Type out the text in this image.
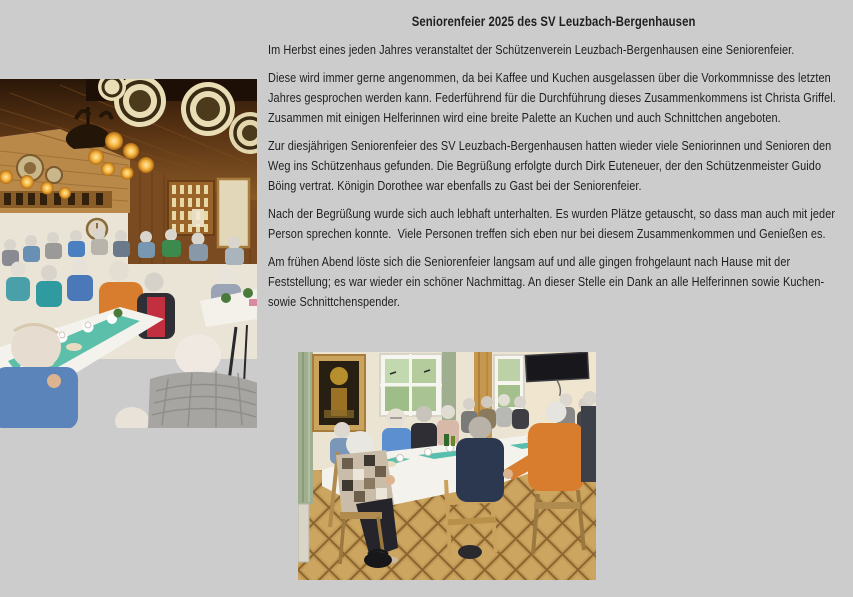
Seniorenfeier 2025 des SV Leuzbach-Bergenhausen

Im Herbst eines jeden Jahres veranstaltet der Schützenverein Leuzbach-Bergenhausen eine Seniorenfeier.

Diese wird immer gerne angenommen, da bei Kaffee und Kuchen ausgelassen über die Vorkommnisse des letzten Jahres gesprochen werden kann. Federführend für die Durchführung dieses Zusammenkommens ist Christa Griffel. Zusammen mit einigen Helferinnen wird eine breite Palette an Kuchen und auch Schnittchen angeboten.

Zur diesjährigen Seniorenfeier des SV Leuzbach-Bergenhausen hatten wieder viele Seniorinnen und Senioren den Weg ins Schützenhaus gefunden. Die Begrüßung erfolgte durch Dirk Euteneuer, der den Schützenmeister Guido Böing vertrat. Königin Dorothee war ebenfalls zu Gast bei der Seniorenfeier.

Nach der Begrüßung wurde sich auch lebhaft unterhalten. Es wurden Plätze getauscht, so dass man auch mit jeder Person sprechen konnte.  Viele Personen treffen sich eben nur bei diesem Zusammenkommen und Genießen es.

Am frühen Abend löste sich die Seniorenfeier langsam auf und alle gingen frohgelaunt nach Hause mit der Feststellung; es war wieder ein schöner Nachmittag. An dieser Stelle ein Dank an alle Helferinnen sowie Kuchen- sowie Schnittchenspender.
